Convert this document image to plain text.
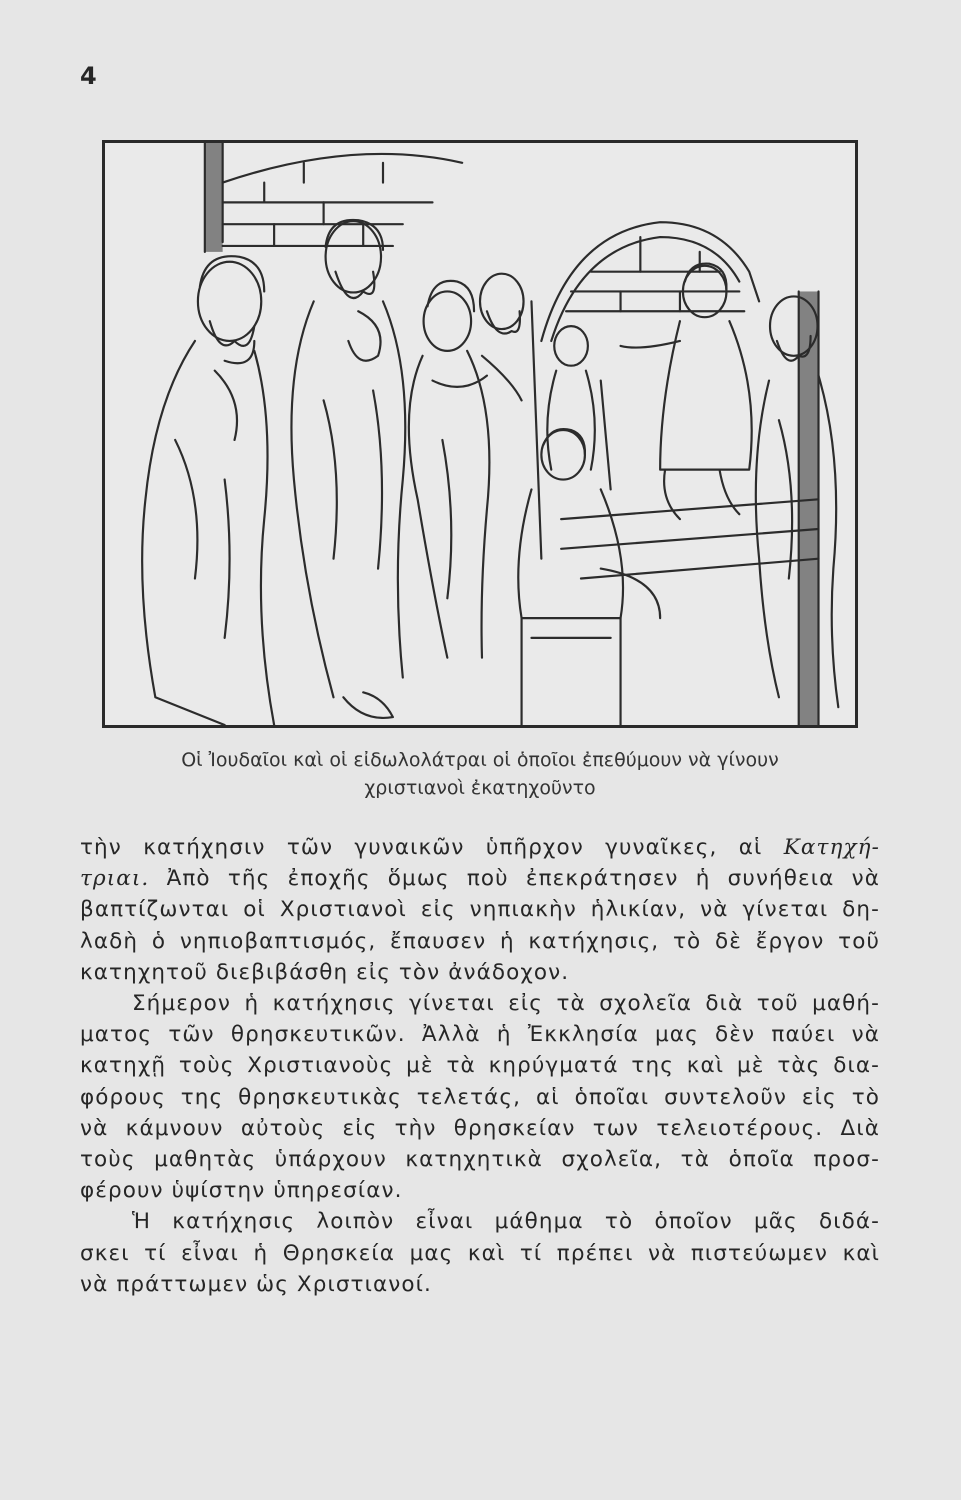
4
Οἱ Ἰουδαῖοι καὶ οἱ εἰδωλολάτραι οἱ ὁποῖοι ἐπεθύμουν νὰ γίνουν
χριστιανοὶ ἐκατηχοῦντο
τὴν κατήχησιν τῶν γυναικῶν ὑπῆρχον γυναῖκες, αἱ Κατηχή-
τριαι. Ἀπὸ τῆς ἐποχῆς ὅμως ποὺ ἐπεκράτησεν ἡ συνήθεια νὰ
βαπτίζωνται οἱ Χριστιανοὶ εἰς νηπιακὴν ἡλικίαν, νὰ γίνεται δη-
λαδὴ ὁ νηπιοβαπτισμός, ἔπαυσεν ἡ κατήχησις, τὸ δὲ ἔργον τοῦ
κατηχητοῦ διεβιβάσθη εἰς τὸν ἀνάδοχον.
Σήμερον ἡ κατήχησις γίνεται εἰς τὰ σχολεῖα διὰ τοῦ μαθή-
ματος τῶν θρησκευτικῶν. Ἀλλὰ ἡ Ἐκκλησία μας δὲν παύει νὰ
κατηχῇ τοὺς Χριστιανοὺς μὲ τὰ κηρύγματά της καὶ μὲ τὰς δια-
φόρους της θρησκευτικὰς τελετάς, αἱ ὁποῖαι συντελοῦν εἰς τὸ
νὰ κάμνουν αὐτοὺς εἰς τὴν θρησκείαν των τελειοτέρους. Διὰ
τοὺς μαθητὰς ὑπάρχουν κατηχητικὰ σχολεῖα, τὰ ὁποῖα προσ-
φέρουν ὑψίστην ὑπηρεσίαν.
Ἡ κατήχησις λοιπὸν εἶναι μάθημα τὸ ὁποῖον μᾶς διδά-
σκει τί εἶναι ἡ Θρησκεία μας καὶ τί πρέπει νὰ πιστεύωμεν καὶ
νὰ πράττωμεν ὡς Χριστιανοί.
